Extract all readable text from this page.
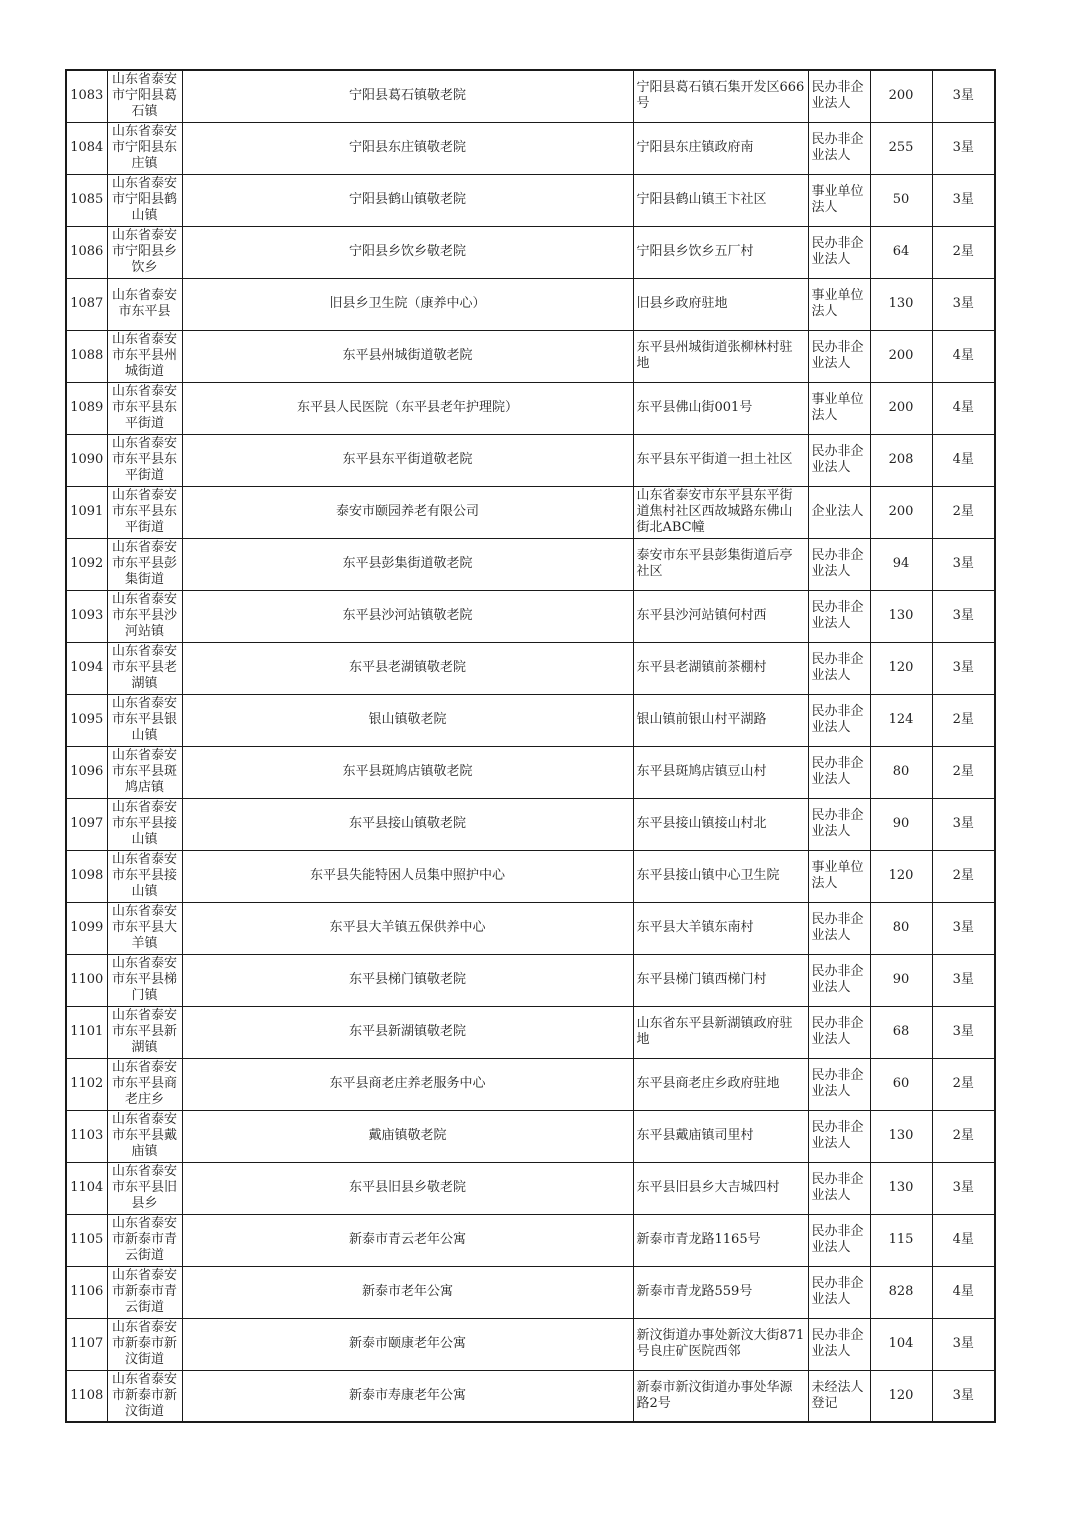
1083	山东省泰安市宁阳县葛石镇	宁阳县葛石镇敬老院	宁阳县葛石镇石集开发区666号	民办非企业法人	200	3星
1084	山东省泰安市宁阳县东庄镇	宁阳县东庄镇敬老院	宁阳县东庄镇政府南	民办非企业法人	255	3星
1085	山东省泰安市宁阳县鹤山镇	宁阳县鹤山镇敬老院	宁阳县鹤山镇王卞社区	事业单位法人	50	3星
1086	山东省泰安市宁阳县乡饮乡	宁阳县乡饮乡敬老院	宁阳县乡饮乡五厂村	民办非企业法人	64	2星
1087	山东省泰安市东平县	旧县乡卫生院（康养中心）	旧县乡政府驻地	事业单位法人	130	3星
1088	山东省泰安市东平县州城街道	东平县州城街道敬老院	东平县州城街道张柳林村驻地	民办非企业法人	200	4星
1089	山东省泰安市东平县东平街道	东平县人民医院（东平县老年护理院）	东平县佛山街001号	事业单位法人	200	4星
1090	山东省泰安市东平县东平街道	东平县东平街道敬老院	东平县东平街道一担土社区	民办非企业法人	208	4星
1091	山东省泰安市东平县东平街道	泰安市颐园养老有限公司	山东省泰安市东平县东平街道焦村社区西故城路东佛山街北ABC幢	企业法人	200	2星
1092	山东省泰安市东平县彭集街道	东平县彭集街道敬老院	泰安市东平县彭集街道后亭社区	民办非企业法人	94	3星
1093	山东省泰安市东平县沙河站镇	东平县沙河站镇敬老院	东平县沙河站镇何村西	民办非企业法人	130	3星
1094	山东省泰安市东平县老湖镇	东平县老湖镇敬老院	东平县老湖镇前茶棚村	民办非企业法人	120	3星
1095	山东省泰安市东平县银山镇	银山镇敬老院	银山镇前银山村平湖路	民办非企业法人	124	2星
1096	山东省泰安市东平县斑鸠店镇	东平县斑鸠店镇敬老院	东平县斑鸠店镇豆山村	民办非企业法人	80	2星
1097	山东省泰安市东平县接山镇	东平县接山镇敬老院	东平县接山镇接山村北	民办非企业法人	90	3星
1098	山东省泰安市东平县接山镇	东平县失能特困人员集中照护中心	东平县接山镇中心卫生院	事业单位法人	120	2星
1099	山东省泰安市东平县大羊镇	东平县大羊镇五保供养中心	东平县大羊镇东南村	民办非企业法人	80	3星
1100	山东省泰安市东平县梯门镇	东平县梯门镇敬老院	东平县梯门镇西梯门村	民办非企业法人	90	3星
1101	山东省泰安市东平县新湖镇	东平县新湖镇敬老院	山东省东平县新湖镇政府驻地	民办非企业法人	68	3星
1102	山东省泰安市东平县商老庄乡	东平县商老庄养老服务中心	东平县商老庄乡政府驻地	民办非企业法人	60	2星
1103	山东省泰安市东平县戴庙镇	戴庙镇敬老院	东平县戴庙镇司里村	民办非企业法人	130	2星
1104	山东省泰安市东平县旧县乡	东平县旧县乡敬老院	东平县旧县乡大吉城四村	民办非企业法人	130	3星
1105	山东省泰安市新泰市青云街道	新泰市青云老年公寓	新泰市青龙路1165号	民办非企业法人	115	4星
1106	山东省泰安市新泰市青云街道	新泰市老年公寓	新泰市青龙路559号	民办非企业法人	828	4星
1107	山东省泰安市新泰市新汶街道	新泰市颐康老年公寓	新汶街道办事处新汶大街871号良庄矿医院西邻	民办非企业法人	104	3星
1108	山东省泰安市新泰市新汶街道	新泰市寿康老年公寓	新泰市新汶街道办事处华源路2号	未经法人登记	120	3星
